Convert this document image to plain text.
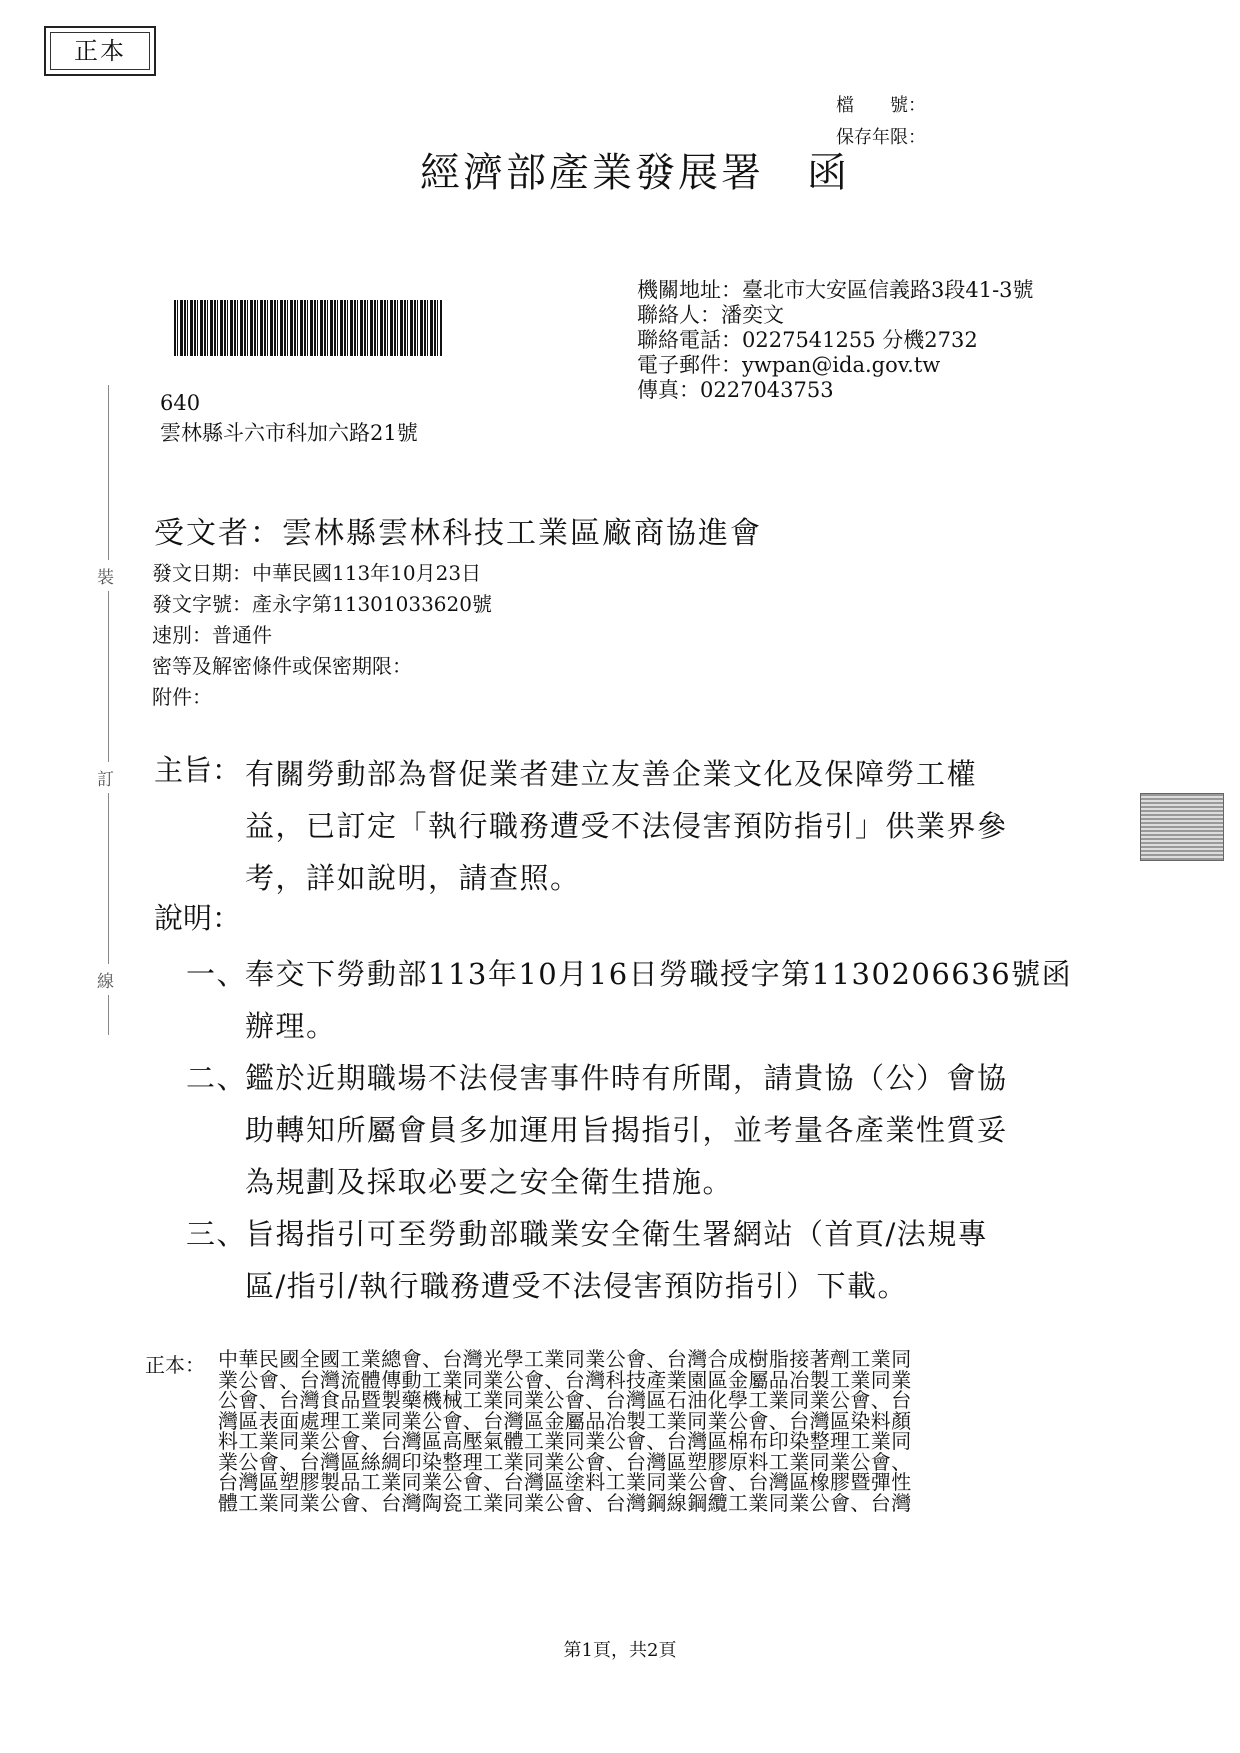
正本
檔　　號：
保存年限：
經濟部產業發展署　函
機關地址：臺北市大安區信義路3段41-3號
聯絡人：潘奕文
聯絡電話：0227541255 分機2732
電子郵件：ywpan@ida.gov.tw
傳真：0227043753
640
雲林縣斗六市科加六路21號
裝
訂
線
受文者：雲林縣雲林科技工業區廠商協進會
發文日期：中華民國113年10月23日
發文字號：產永字第11301033620號
速別：普通件
密等及解密條件或保密期限：
附件：
主旨： 有關勞動部為督促業者建立友善企業文化及保障勞工權
益，已訂定「執行職務遭受不法侵害預防指引」供業界參
考，詳如說明，請查照。
說明：
一、
奉交下勞動部113年10月16日勞職授字第1130206636號函
辦理。
二、
鑑於近期職場不法侵害事件時有所聞，請貴協（公）會協
助轉知所屬會員多加運用旨揭指引，並考量各產業性質妥
為規劃及採取必要之安全衛生措施。
三、
旨揭指引可至勞動部職業安全衛生署網站（首頁/法規專
區/指引/執行職務遭受不法侵害預防指引）下載。
正本： 中華民國全國工業總會、台灣光學工業同業公會、台灣合成樹脂接著劑工業同
業公會、台灣流體傳動工業同業公會、台灣科技產業園區金屬品冶製工業同業
公會、台灣食品暨製藥機械工業同業公會、台灣區石油化學工業同業公會、台
灣區表面處理工業同業公會、台灣區金屬品冶製工業同業公會、台灣區染料顏
料工業同業公會、台灣區高壓氣體工業同業公會、台灣區棉布印染整理工業同
業公會、台灣區絲綢印染整理工業同業公會、台灣區塑膠原料工業同業公會、
台灣區塑膠製品工業同業公會、台灣區塗料工業同業公會、台灣區橡膠暨彈性
體工業同業公會、台灣陶瓷工業同業公會、台灣鋼線鋼纜工業同業公會、台灣
第1頁，共2頁
